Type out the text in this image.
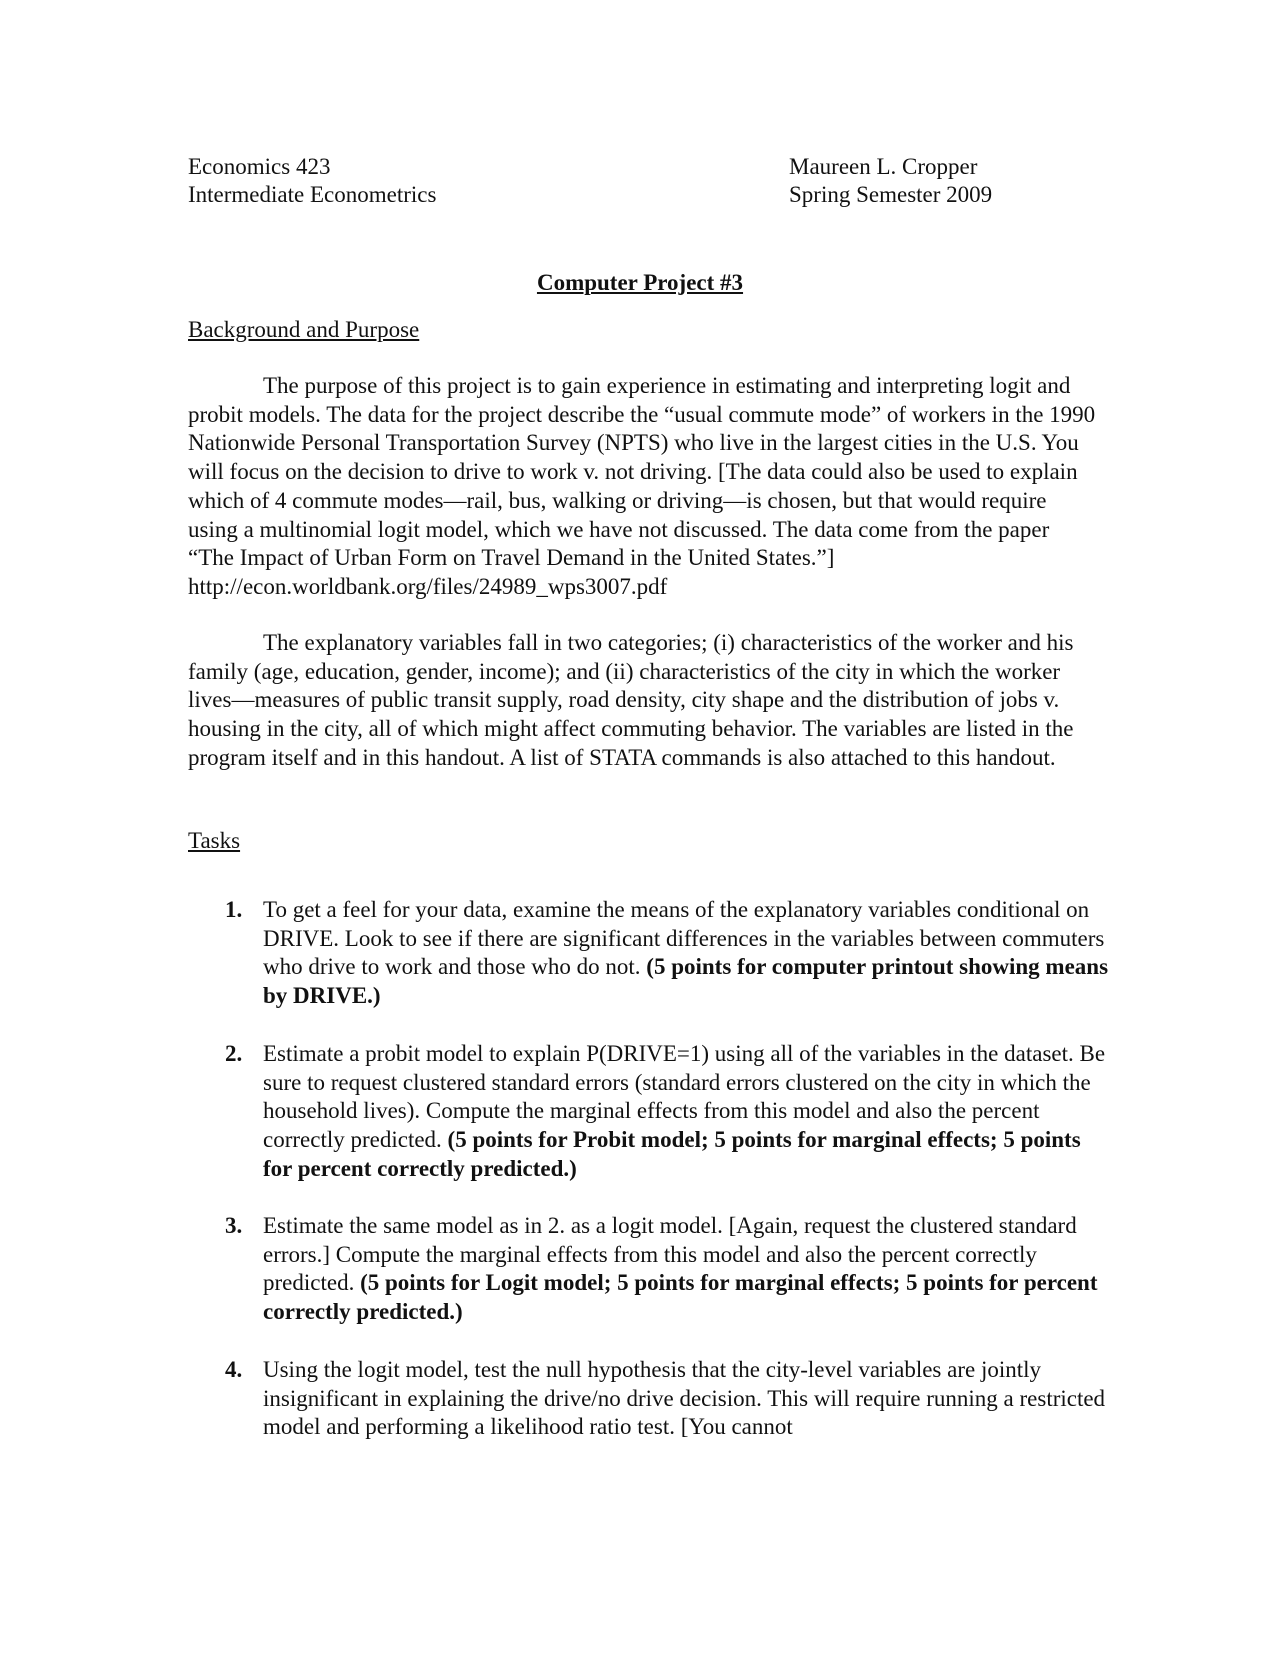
Economics 423
Intermediate Econometrics
Maureen L. Cropper
Spring Semester 2009
Computer Project #3
Background and Purpose

The purpose of this project is to gain experience in estimating and interpreting logit and probit models. The data for the project describe the “usual commute mode” of workers in the 1990 Nationwide Personal Transportation Survey (NPTS) who live in the largest cities in the U.S. You will focus on the decision to drive to work v. not driving. [The data could also be used to explain which of 4 commute modes—rail, bus, walking or driving—is chosen, but that would require using a multinomial logit model, which we have not discussed. The data come from the paper “The Impact of Urban Form on Travel Demand in the United States.”] http://econ.worldbank.org/files/24989_wps3007.pdf

The explanatory variables fall in two categories; (i) characteristics of the worker and his family (age, education, gender, income); and (ii) characteristics of the city in which the worker lives—measures of public transit supply, road density, city shape and the distribution of jobs v. housing in the city, all of which might affect commuting behavior. The variables are listed in the program itself and in this handout. A list of STATA commands is also attached to this handout.

Tasks
1. To get a feel for your data, examine the means of the explanatory variables conditional on DRIVE. Look to see if there are significant differences in the variables between commuters who drive to work and those who do not. (5 points for computer printout showing means by DRIVE.)
2. Estimate a probit model to explain P(DRIVE=1) using all of the variables in the dataset. Be sure to request clustered standard errors (standard errors clustered on the city in which the household lives). Compute the marginal effects from this model and also the percent correctly predicted. (5 points for Probit model; 5 points for marginal effects; 5 points for percent correctly predicted.)
3. Estimate the same model as in 2. as a logit model. [Again, request the clustered standard errors.] Compute the marginal effects from this model and also the percent correctly predicted. (5 points for Logit model; 5 points for marginal effects; 5 points for percent correctly predicted.)
4. Using the logit model, test the null hypothesis that the city-level variables are jointly insignificant in explaining the drive/no drive decision. This will require running a restricted model and performing a likelihood ratio test. [You cannot
